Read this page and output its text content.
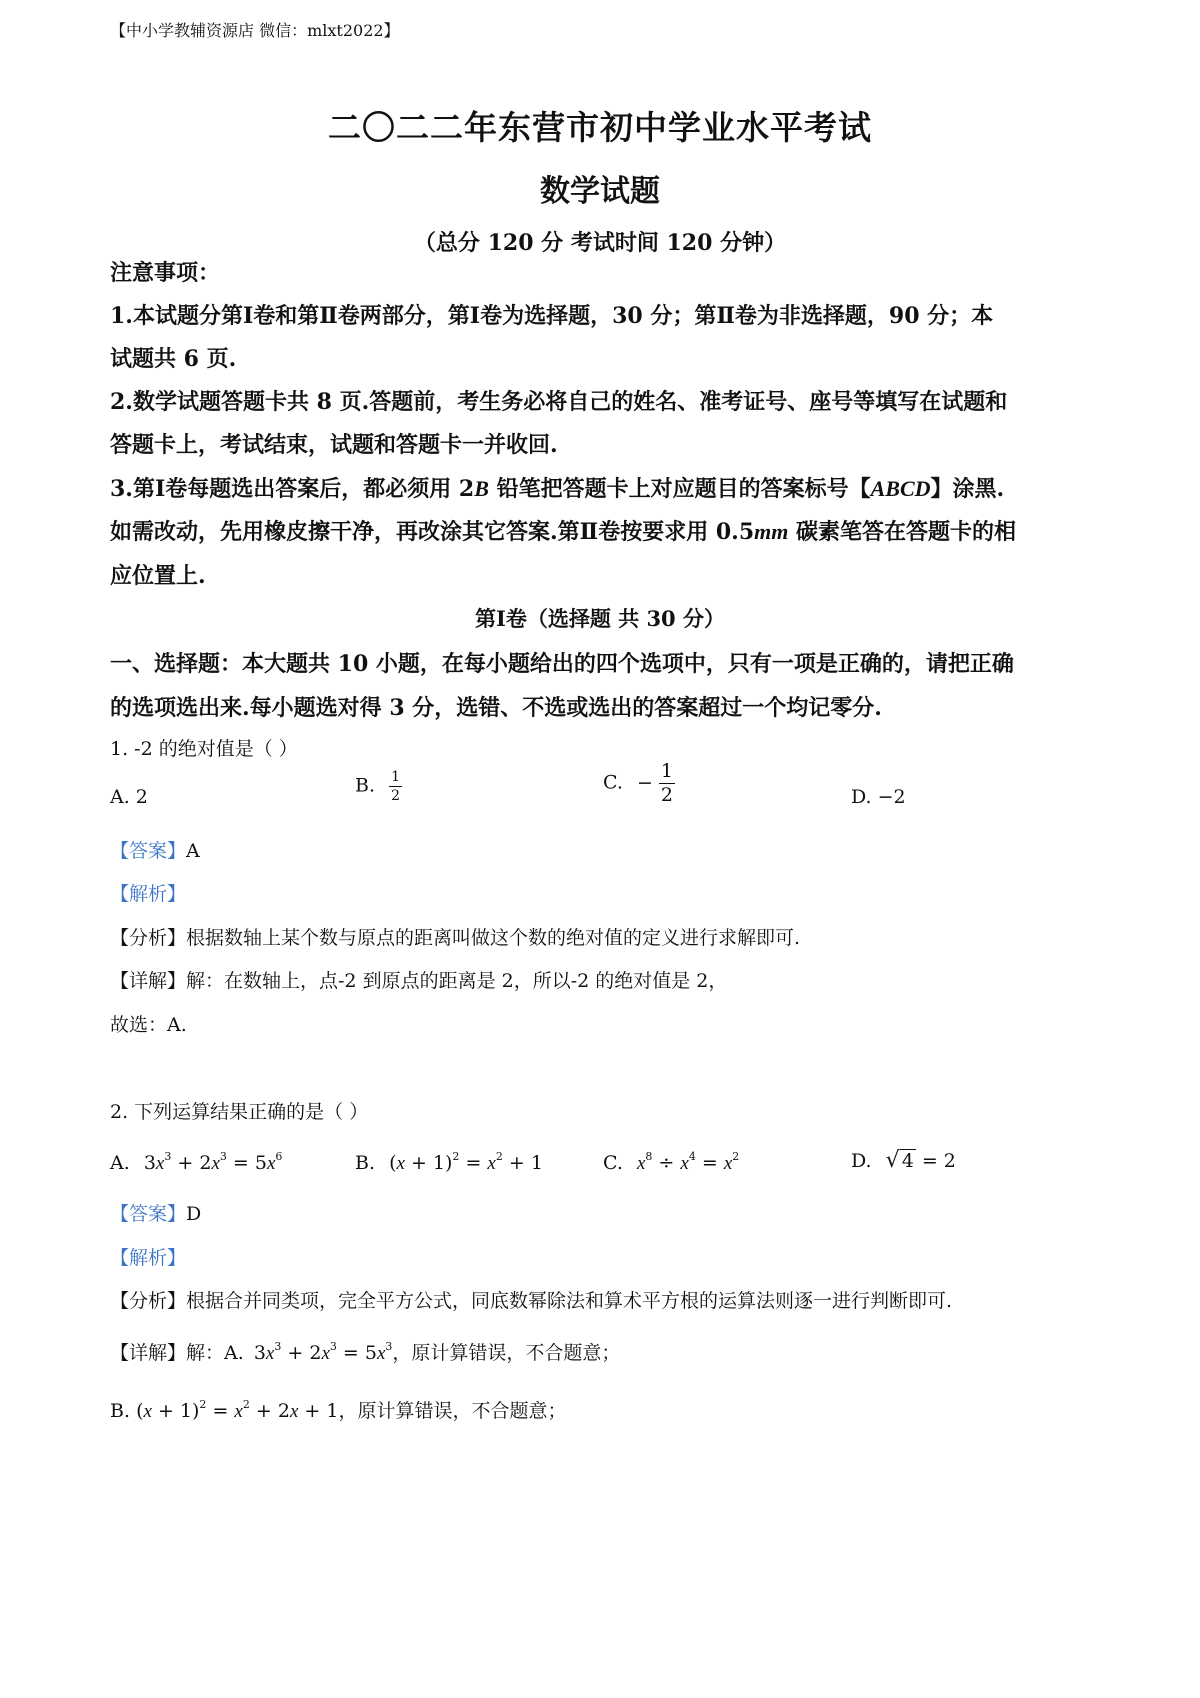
【中小学教辅资源店 微信：mlxt2022】
二〇二二年东营市初中学业水平考试
数学试题
（总分 120 分 考试时间 120 分钟）
注意事项：
1.本试题分第Ⅰ卷和第Ⅱ卷两部分，第Ⅰ卷为选择题，30 分；第Ⅱ卷为非选择题，90 分；本
试题共 6 页.
2.数学试题答题卡共 8 页.答题前，考生务必将自己的姓名、准考证号、座号等填写在试题和
答题卡上，考试结束，试题和答题卡一并收回.
3.第Ⅰ卷每题选出答案后，都必须用 2B 铅笔把答题卡上对应题目的答案标号【ABCD】涂黑.
如需改动，先用橡皮擦干净，再改涂其它答案.第Ⅱ卷按要求用 0.5mm 碳素笔答在答题卡的相
应位置上.
第Ⅰ卷（选择题 共 30 分）
一、选择题：本大题共 10 小题，在每小题给出的四个选项中，只有一项是正确的，请把正确
的选项选出来.每小题选对得 3 分，选错、不选或选出的答案超过一个均记零分.
1. -2 的绝对值是（ ）
A. 2
B. $\frac{1}{2}$	C. − $\frac{1}{2}$	D. −2
【答案】A
【解析】
【分析】根据数轴上某个数与原点的距离叫做这个数的绝对值的定义进行求解即可.
【详解】解：在数轴上，点-2 到原点的距离是 2，所以-2 的绝对值是 2，
故选：A.
2. 下列运算结果正确的是（ ）
A. $3x^3 + 2x^3 = 5x^6$	B. $(x + 1)^2 = x^2 + 1$	C. $x^8 \div x^4 = x^2$	D. √ 4 = 2
【答案】D
【解析】
【分析】根据合并同类项，完全平方公式，同底数幂除法和算术平方根的运算法则逐一进行判断即可.
【详解】解：A. $3x^3 + 2x^3 = 5x^3$，原计算错误，不合题意；
B. $(x + 1)^2 = x^2 + 2x + 1$，原计算错误，不合题意；
